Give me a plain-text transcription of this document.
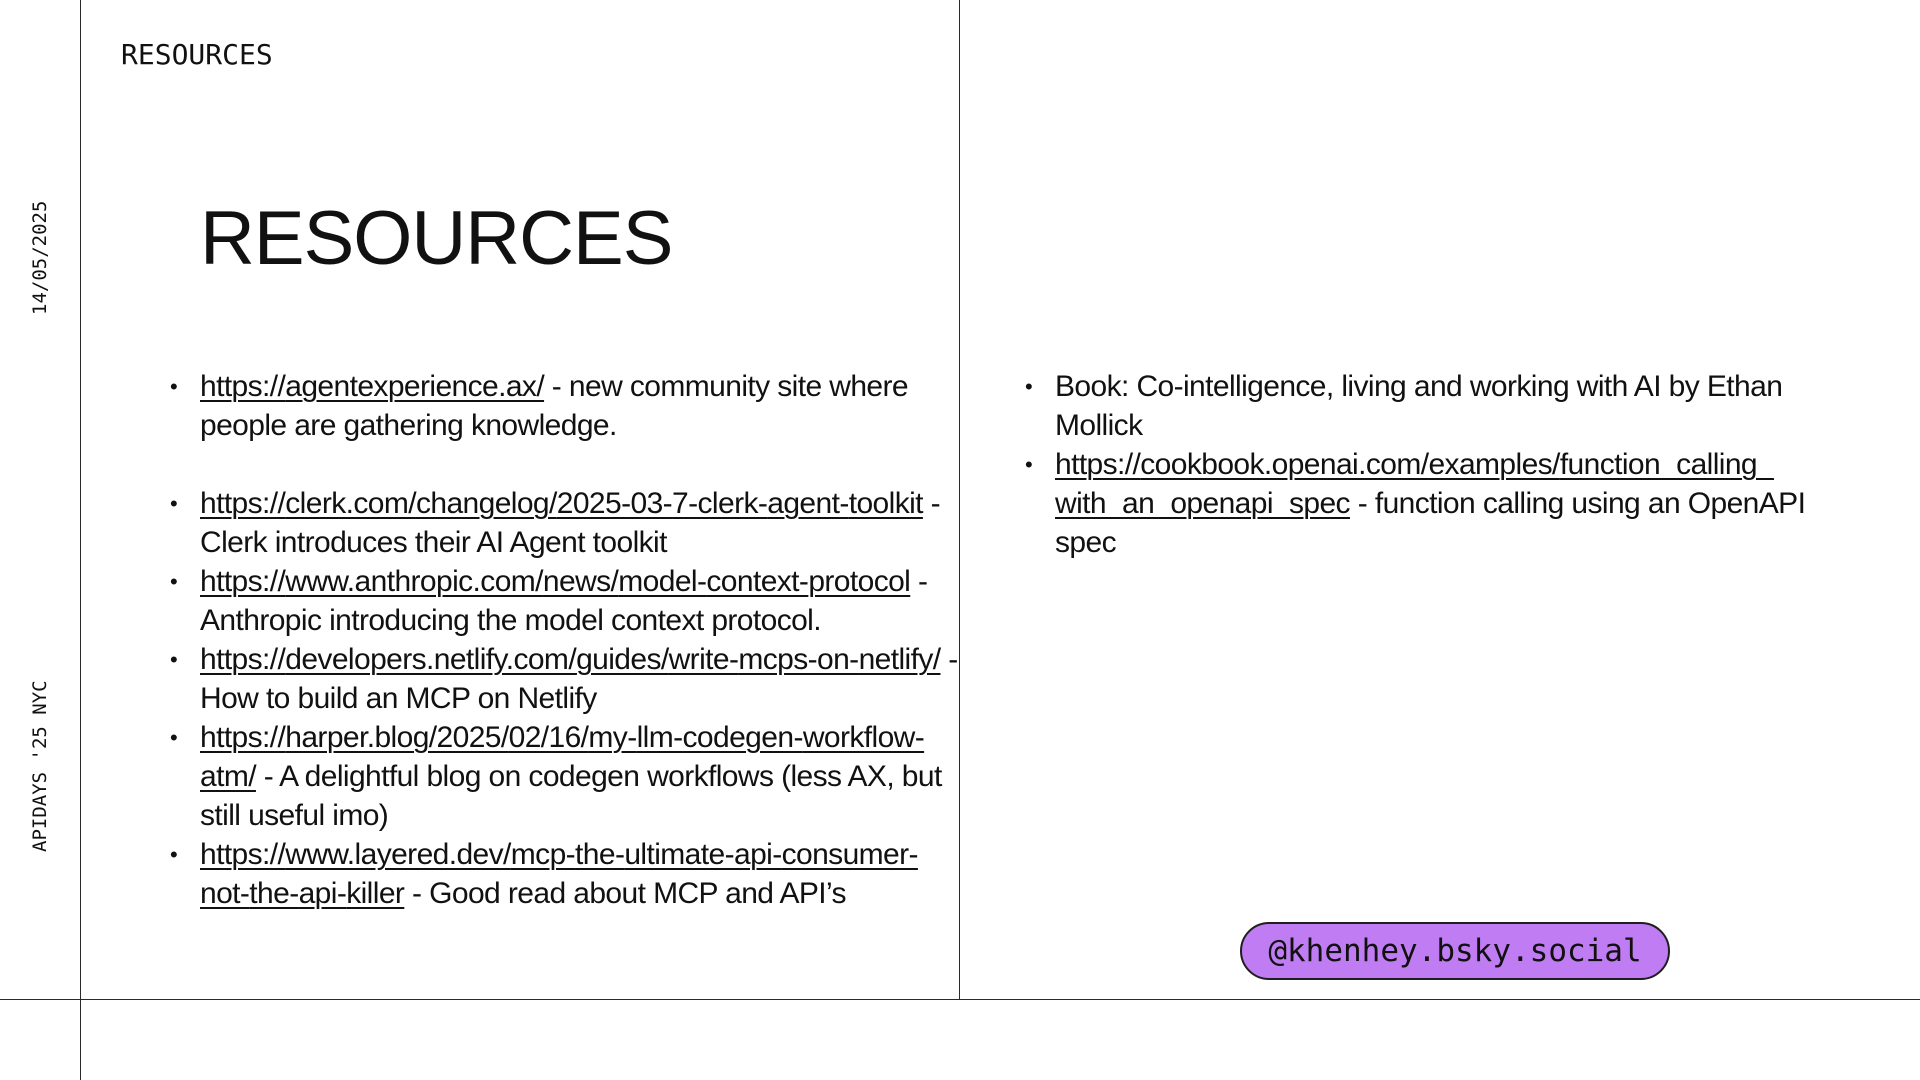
RESOURCES
14/05/2025
APIDAYS '25 NYC
RESOURCES
• https://agentexperience.ax/ - new community site where people are gathering knowledge.
• https://clerk.com/changelog/2025-03-7-clerk-agent-toolkit - Clerk introduces their AI Agent toolkit
• https://www.anthropic.com/news/model-context-protocol - Anthropic introducing the model context protocol.
• https://developers.netlify.com/guides/write-mcps-on-netlify/ - How to build an MCP on Netlify
• https://harper.blog/2025/02/16/my-llm-codegen-workflow-atm/ - A delightful blog on codegen workflows (less AX, but still useful imo)
• https://www.layered.dev/mcp-the-ultimate-api-consumer-not-the-api-killer - Good read about MCP and API’s
• Book: Co-intelligence, living and working with AI by Ethan Mollick
• https://cookbook.openai.com/examples/function_calling_with_an_openapi_spec - function calling using an OpenAPI spec
@khenhey.bsky.social
